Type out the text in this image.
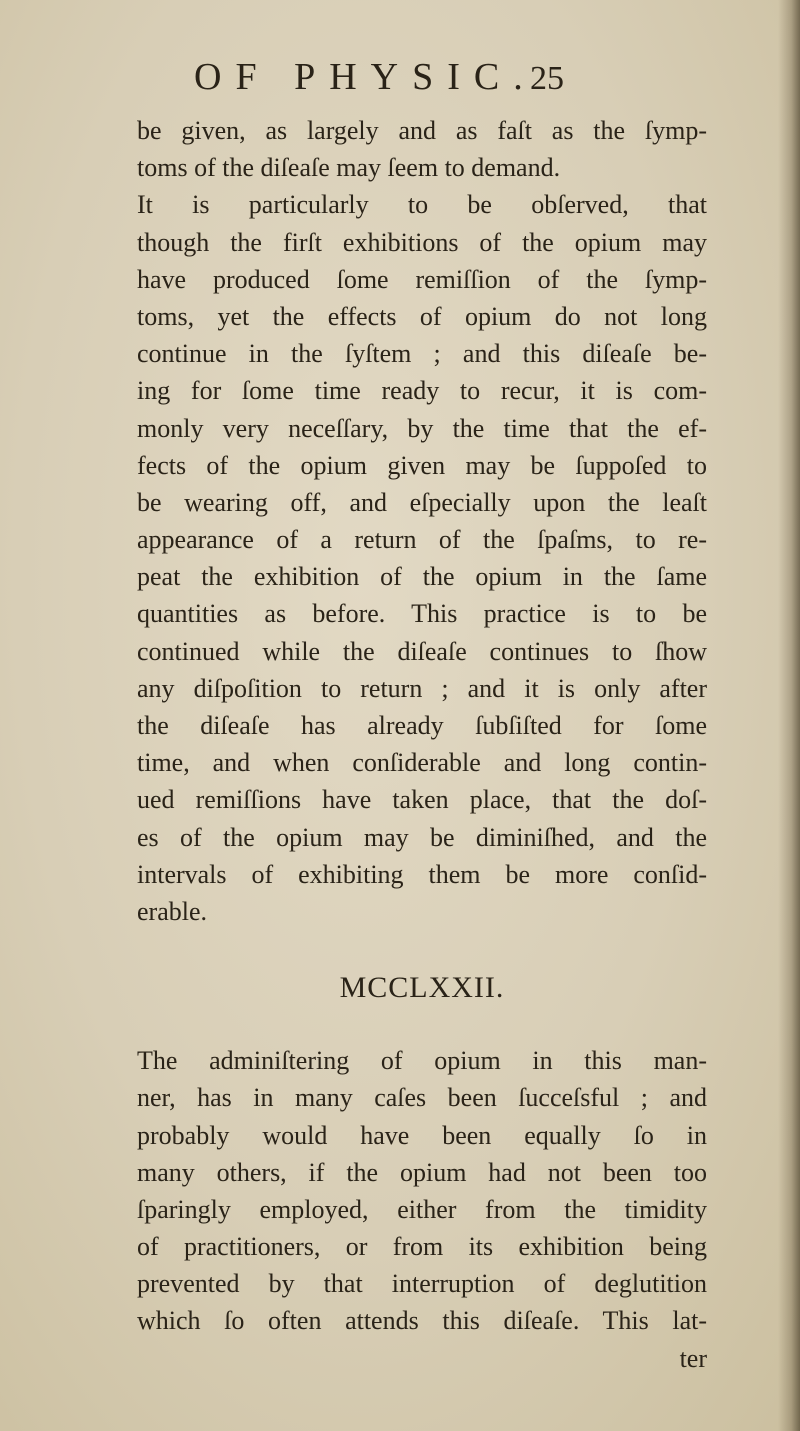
OF PHYSIC.
25
be given, as largely and as faſt as the ſymp-
toms of the diſeaſe may ſeem to demand.
It is particularly to be obſerved, that
though the firſt exhibitions of the opium may
have produced ſome remiſſion of the ſymp-
toms, yet the effects of opium do not long
continue in the ſyſtem ; and this diſeaſe be-
ing for ſome time ready to recur, it is com-
monly very neceſſary, by the time that the ef-
fects of the opium given may be ſuppoſed to
be wearing off, and eſpecially upon the leaſt
appearance of a return of the ſpaſms, to re-
peat the exhibition of the opium in the ſame
quantities as before. This practice is to be
continued while the diſeaſe continues to ſhow
any diſpoſition to return ; and it is only after
the diſeaſe has already ſubſiſted for ſome
time, and when conſiderable and long contin-
ued remiſſions have taken place, that the doſ-
es of the opium may be diminiſhed, and the
intervals of exhibiting them be more conſid-
erable.
MCCLXXII.
The adminiſtering of opium in this man-
ner, has in many caſes been ſucceſsful ; and
probably would have been equally ſo in
many others, if the opium had not been too
ſparingly employed, either from the timidity
of practitioners, or from its exhibition being
prevented by that interruption of deglutition
which ſo often attends this diſeaſe. This lat-
ter
